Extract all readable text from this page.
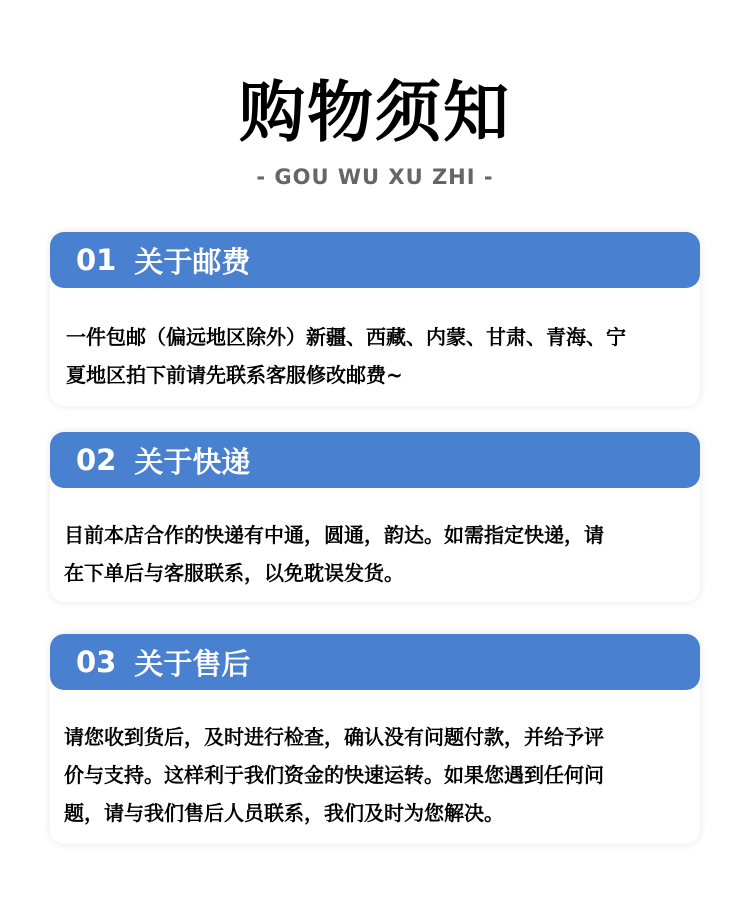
购物须知
- GOU WU XU ZHI -
01 关于邮费
一件包邮（偏远地区除外）新疆、西藏、内蒙、甘肃、青海、宁
夏地区拍下前请先联系客服修改邮费~
02 关于快递
目前本店合作的快递有中通，圆通，韵达。如需指定快递，请
在下单后与客服联系，以免耽误发货。
03 关于售后
请您收到货后，及时进行检查，确认没有问题付款，并给予评
价与支持。这样利于我们资金的快速运转。如果您遇到任何问
题，请与我们售后人员联系，我们及时为您解决。
